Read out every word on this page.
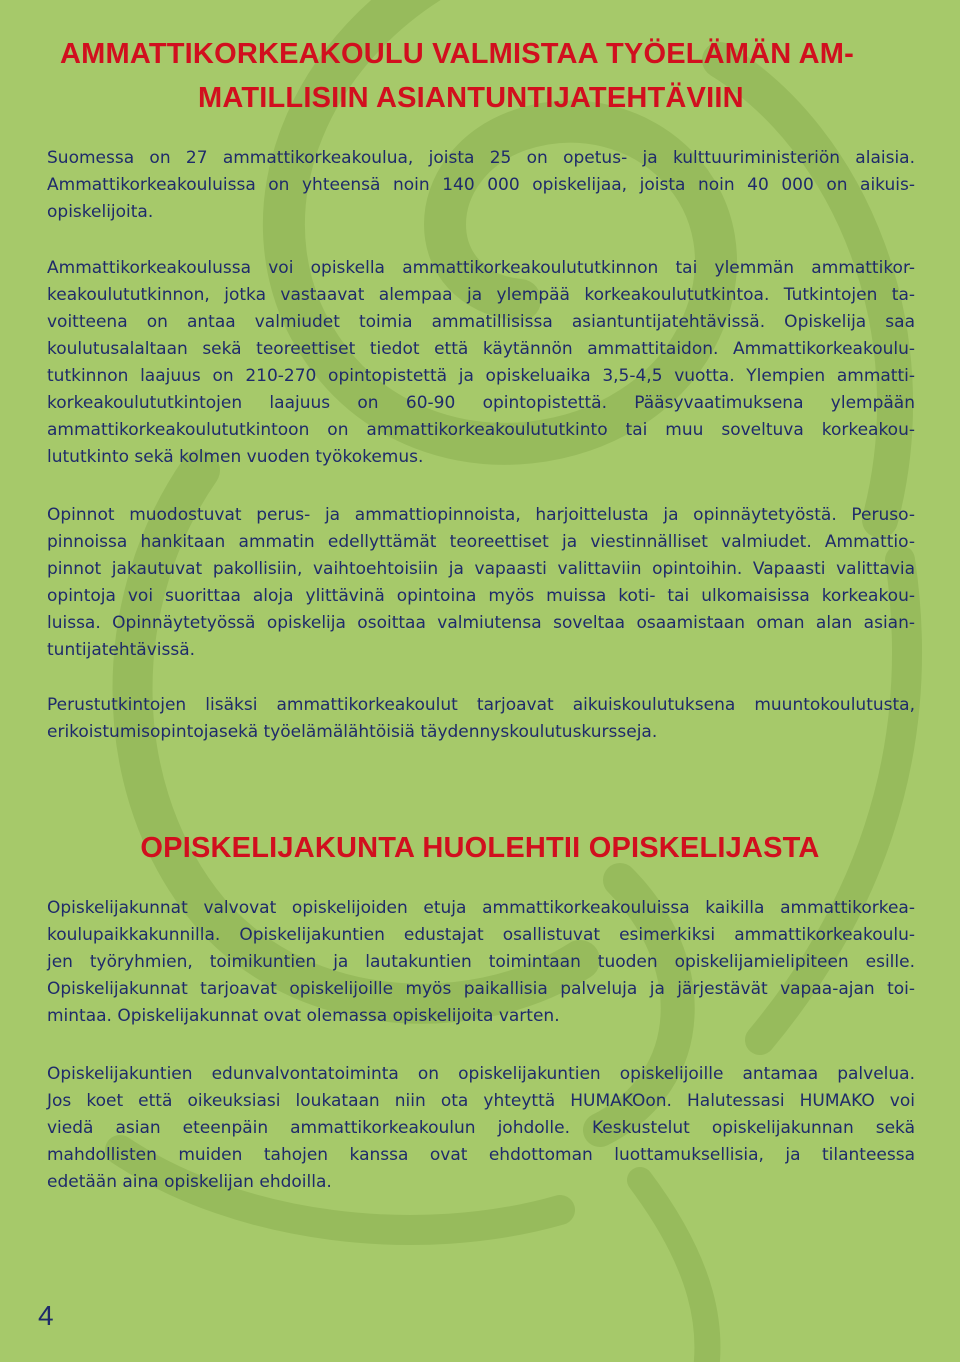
AMMATTIKORKEAKOULU VALMISTAA TYÖELÄMÄN AM-
MATILLISIIN ASIANTUNTIJATEHTÄVIIN

Suomessa on 27 ammattikorkeakoulua, joista 25 on opetus- ja kulttuuriministeriön alaisia.
Ammattikorkeakouluissa on yhteensä noin 140 000 opiskelijaa, joista noin 40 000 on aikuis-
opiskelijoita.

Ammattikorkeakoulussa voi opiskella ammattikorkeakoulututkinnon tai ylemmän ammattikor-
keakoulututkinnon, jotka vastaavat alempaa ja ylempää korkeakoulututkintoa. Tutkintojen ta-
voitteena on antaa valmiudet toimia ammatillisissa asiantuntijatehtävissä. Opiskelija saa
koulutusalaltaan sekä teoreettiset tiedot että käytännön ammattitaidon. Ammattikorkeakoulu-
tutkinnon laajuus on 210-270 opintopistettä ja opiskeluaika 3,5-4,5 vuotta. Ylempien ammatti-
korkeakoulututkintojen laajuus on 60-90 opintopistettä. Pääsyvaatimuksena ylempään
ammattikorkeakoulututkintoon on ammattikorkeakoulututkinto tai muu soveltuva korkeakou-
lututkinto sekä kolmen vuoden työkokemus.

Opinnot muodostuvat perus- ja ammattiopinnoista, harjoittelusta ja opinnäytetyöstä. Peruso-
pinnoissa hankitaan ammatin edellyttämät teoreettiset ja viestinnälliset valmiudet. Ammattio-
pinnot jakautuvat pakollisiin, vaihtoehtoisiin ja vapaasti valittaviin opintoihin. Vapaasti valittavia
opintoja voi suorittaa aloja ylittävinä opintoina myös muissa koti- tai ulkomaisissa korkeakou-
luissa. Opinnäytetyössä opiskelija osoittaa valmiutensa soveltaa osaamistaan oman alan asian-
tuntijatehtävissä.

Perustutkintojen lisäksi ammattikorkeakoulut tarjoavat aikuiskoulutuksena muuntokoulutusta,
erikoistumisopintojasekä työelämälähtöisiä täydennyskoulutuskursseja.

OPISKELIJAKUNTA HUOLEHTII OPISKELIJASTA

Opiskelijakunnat valvovat opiskelijoiden etuja ammattikorkeakouluissa kaikilla ammattikorkea-
koulupaikkakunnilla. Opiskelijakuntien edustajat osallistuvat esimerkiksi ammattikorkeakoulu-
jen työryhmien, toimikuntien ja lautakuntien toimintaan tuoden opiskelijamielipiteen esille.
Opiskelijakunnat tarjoavat opiskelijoille myös paikallisia palveluja ja järjestävät vapaa-ajan toi-
mintaa. Opiskelijakunnat ovat olemassa opiskelijoita varten.

Opiskelijakuntien edunvalvontatoiminta on opiskelijakuntien opiskelijoille antamaa palvelua.
Jos koet että oikeuksiasi loukataan niin ota yhteyttä HUMAKOon. Halutessasi HUMAKO voi
viedä asian eteenpäin ammattikorkeakoulun johdolle. Keskustelut opiskelijakunnan sekä
mahdollisten muiden tahojen kanssa ovat ehdottoman luottamuksellisia, ja tilanteessa
edetään aina opiskelijan ehdoilla.

4
